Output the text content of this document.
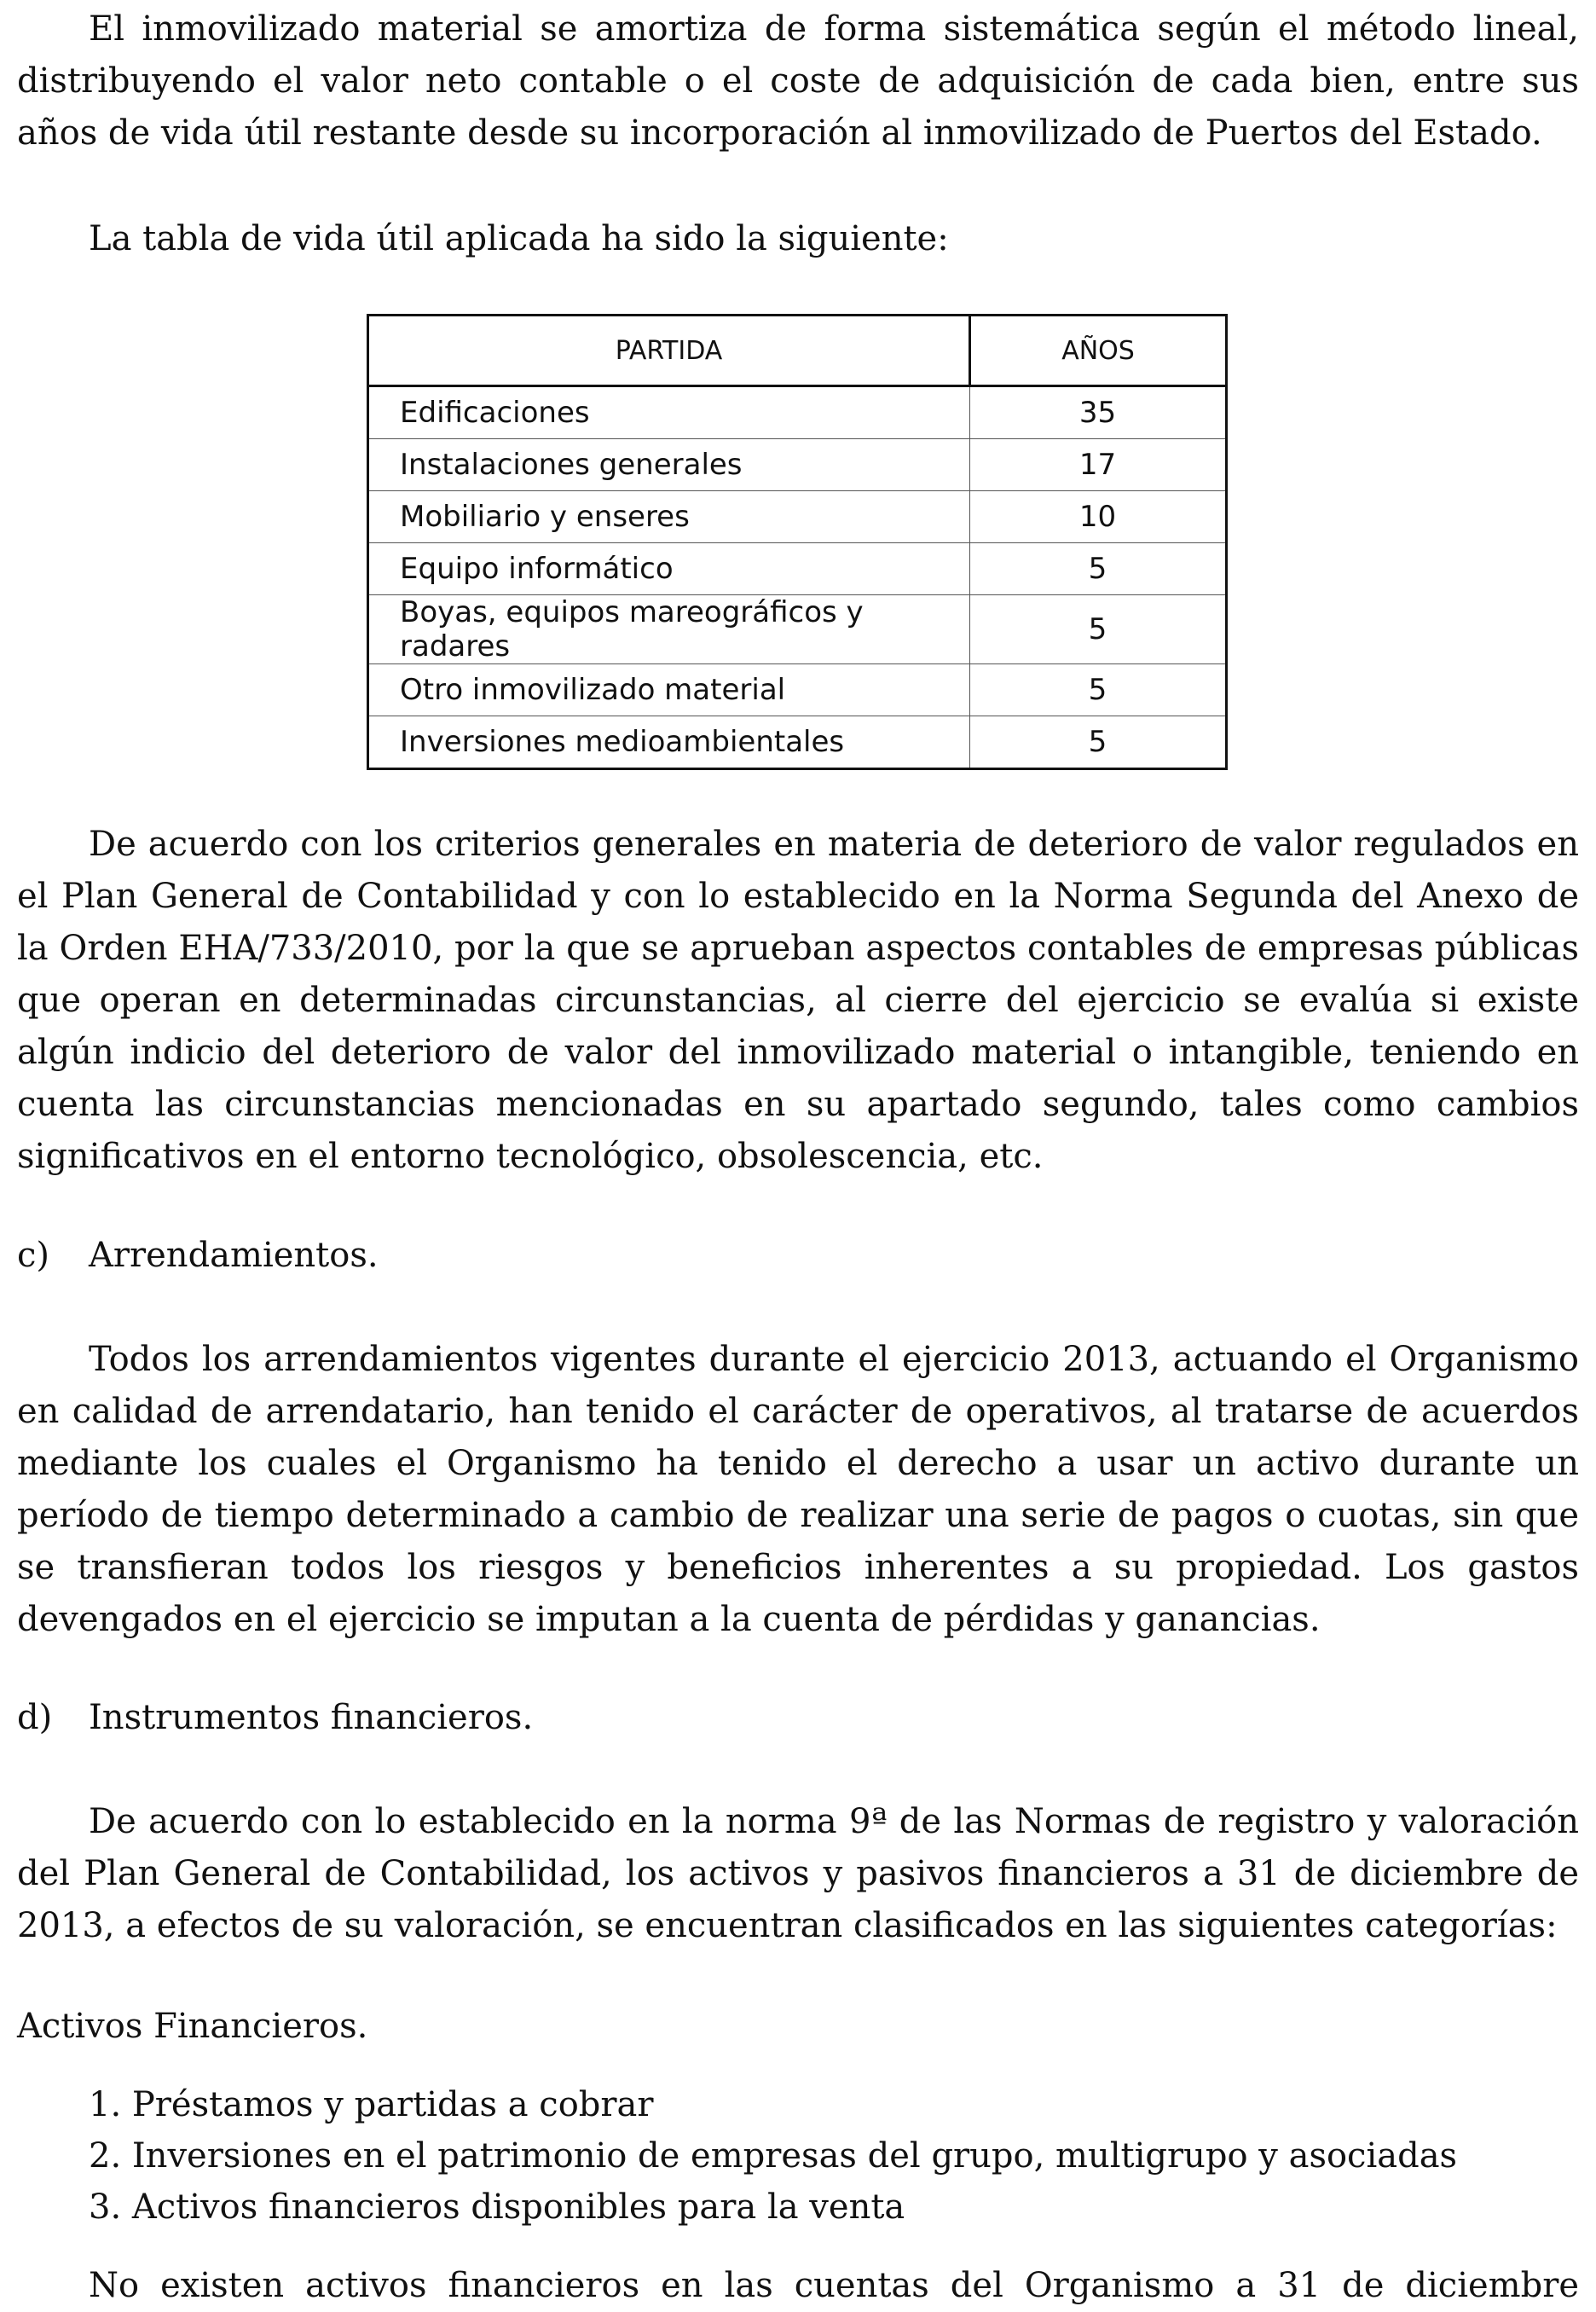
El inmovilizado material se amortiza de forma sistemática según el método lineal, distribuyendo el valor neto contable o el coste de adquisición de cada bien, entre sus años de vida útil restante desde su incorporación al inmovilizado de Puertos del Estado.

La tabla de vida útil aplicada ha sido la siguiente:

PARTIDA	AÑOS
Edificaciones	35
Instalaciones generales	17
Mobiliario y enseres	10
Equipo informático	5
Boyas, equipos mareográficos y radares	5
Otro inmovilizado material	5
Inversiones medioambientales	5

De acuerdo con los criterios generales en materia de deterioro de valor regulados en el Plan General de Contabilidad y con lo establecido en la Norma Segunda del Anexo de la Orden EHA/733/2010, por la que se aprueban aspectos contables de empresas públicas que operan en determinadas circunstancias, al cierre del ejercicio se evalúa si existe algún indicio del deterioro de valor del inmovilizado material o intangible, teniendo en cuenta las circunstancias mencionadas en su apartado segundo, tales como cambios significativos en el entorno tecnológico, obsolescencia, etc.

c) Arrendamientos.

Todos los arrendamientos vigentes durante el ejercicio 2013, actuando el Organismo en calidad de arrendatario, han tenido el carácter de operativos, al tratarse de acuerdos mediante los cuales el Organismo ha tenido el derecho a usar un activo durante un período de tiempo determinado a cambio de realizar una serie de pagos o cuotas, sin que se transfieran todos los riesgos y beneficios inherentes a su propiedad. Los gastos devengados en el ejercicio se imputan a la cuenta de pérdidas y ganancias.

d) Instrumentos financieros.

De acuerdo con lo establecido en la norma 9ª de las Normas de registro y valoración del Plan General de Contabilidad, los activos y pasivos financieros a 31 de diciembre de 2013, a efectos de su valoración, se encuentran clasificados en las siguientes categorías:

Activos Financieros.

1. Préstamos y partidas a cobrar
2. Inversiones en el patrimonio de empresas del grupo, multigrupo y asociadas
3. Activos financieros disponibles para la venta

No existen activos financieros en las cuentas del Organismo a 31 de diciembre
